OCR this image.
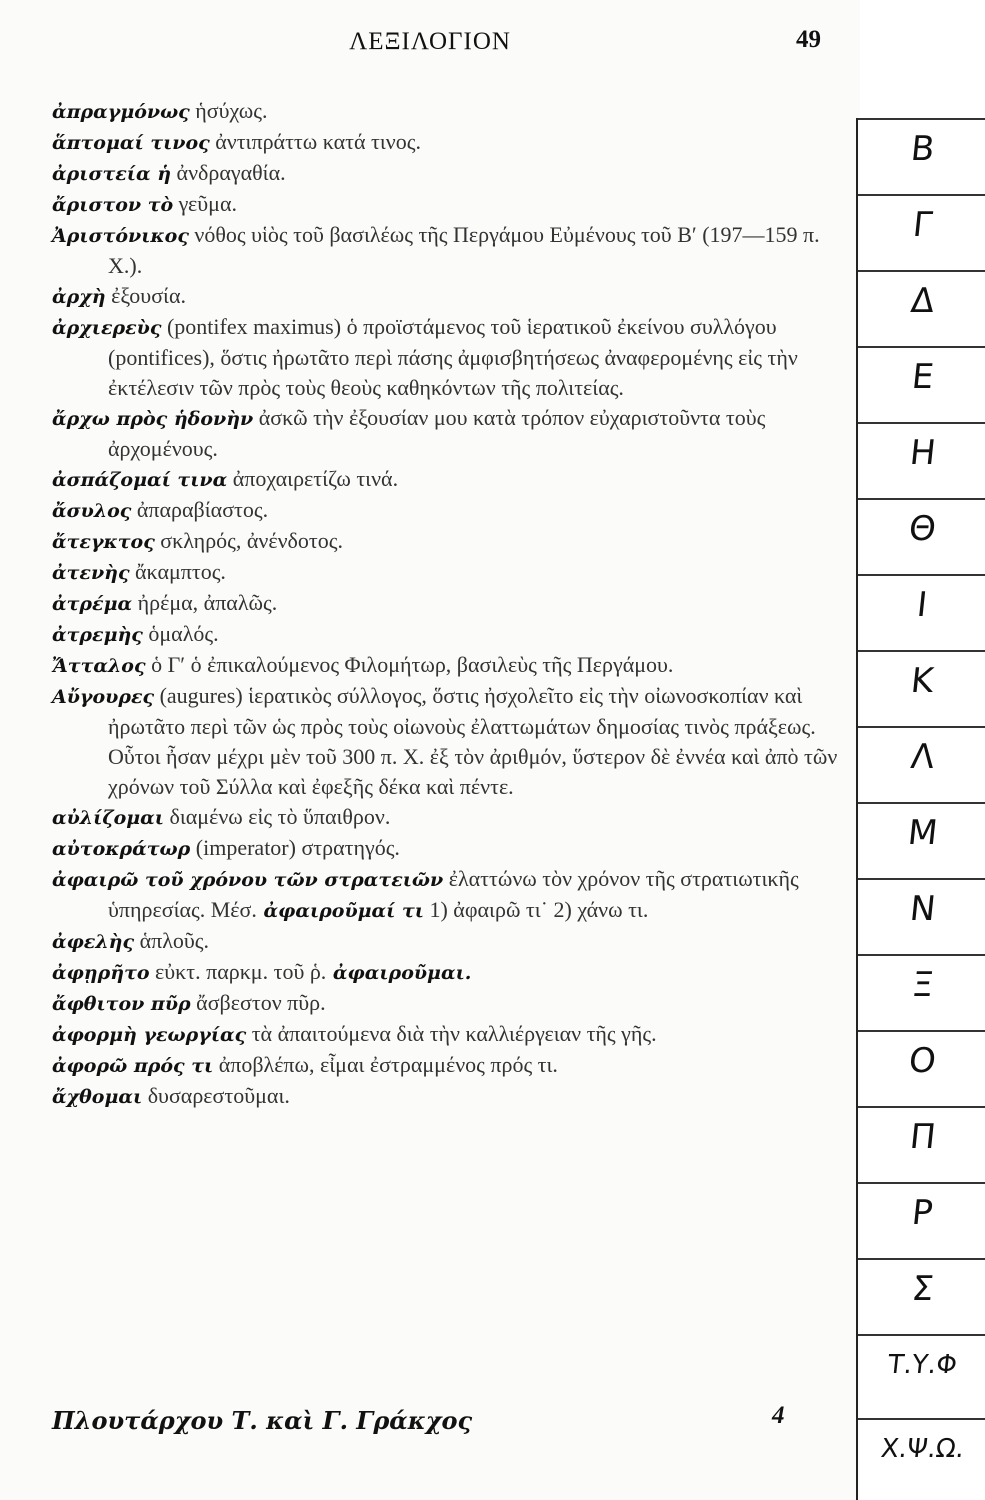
ΛΕΞΙΛΟΓΙΟΝ	49

ἀπραγμόνως ἡσύχως.

ἅπτομαί τινος ἀντιπράττω κατά τινος.

ἀριστεία ἡ ἀνδραγαθία.

ἄριστον τὸ γεῦμα.

Ἀριστόνικος νόθος υἱὸς τοῦ βασιλέως τῆς Περγάμου Εὐμένους τοῦ Β′ (197—159 π. Χ.).

ἀρχὴ ἐξουσία.

ἀρχιερεὺς (pontifex maximus) ὁ προϊστάμενος τοῦ ἱερατικοῦ ἐκείνου συλλόγου (pontifices), ὅστις ἠρωτᾶτο περὶ πάσης ἀμφισβητήσεως ἀναφερομένης εἰς τὴν ἐκτέλεσιν τῶν πρὸς τοὺς θεοὺς καθηκόντων τῆς πολιτείας.

ἄρχω πρὸς ἡδονὴν ἀσκῶ τὴν ἐξουσίαν μου κατὰ τρόπον εὐχαριστοῦντα τοὺς ἀρχομένους.

ἀσπάζομαί τινα ἀποχαιρετίζω τινά.

ἄσυλος ἀπαραβίαστος.

ἄτεγκτος σκληρός, ἀνένδοτος.

ἀτενὴς ἄκαμπτος.

ἀτρέμα ἠρέμα, ἀπαλῶς.

ἀτρεμὴς ὁμαλός.

Ἄτταλος ὁ Γ′ ὁ ἐπικαλούμενος Φιλομήτωρ, βασιλεὺς τῆς Περγάμου.

Αὔγουρες (augures) ἱερατικὸς σύλλογος, ὅστις ἠσχολεῖτο εἰς τὴν οἰωνοσκοπίαν καὶ ἠρωτᾶτο περὶ τῶν ὡς πρὸς τοὺς οἰωνοὺς ἐλαττωμάτων δημοσίας τινὸς πράξεως. Οὗτοι ἦσαν μέχρι μὲν τοῦ 300 π. Χ. ἐξ τὸν ἀριθμόν, ὕστερον δὲ ἐννέα καὶ ἀπὸ τῶν χρόνων τοῦ Σύλλα καὶ ἐφεξῆς δέκα καὶ πέντε.

αὐλίζομαι διαμένω εἰς τὸ ὕπαιθρον.

αὐτοκράτωρ (imperator) στρατηγός.

ἀφαιρῶ τοῦ χρόνου τῶν στρατειῶν ἐλαττώνω τὸν χρόνον τῆς στρατιωτικῆς ὑπηρεσίας. Μέσ. ἀφαιροῦμαί τι 1) ἀφαιρῶ τι˙ 2) χάνω τι.

ἀφελὴς ἁπλοῦς.

ἀφῃρῆτο εὐκτ. παρκμ. τοῦ ῥ. ἀφαιροῦμαι.

ἄφθιτον πῦρ ἄσβεστον πῦρ.

ἀφορμὴ γεωργίας τὰ ἀπαιτούμενα διὰ τὴν καλλιέργειαν τῆς γῆς.

ἀφορῶ πρός τι ἀποβλέπω, εἶμαι ἐστραμμένος πρός τι.

ἄχθομαι δυσαρεστοῦμαι.

Πλουτάρχου Τ. καὶ Γ. Γράκχος	4
Β
Γ
Δ
Ε
Η
Θ
Ι
Κ
Λ
Μ
Ν
Ξ
Ο
Π
Ρ
Σ
Τ.Υ.Φ
Χ.Ψ.Ω.
